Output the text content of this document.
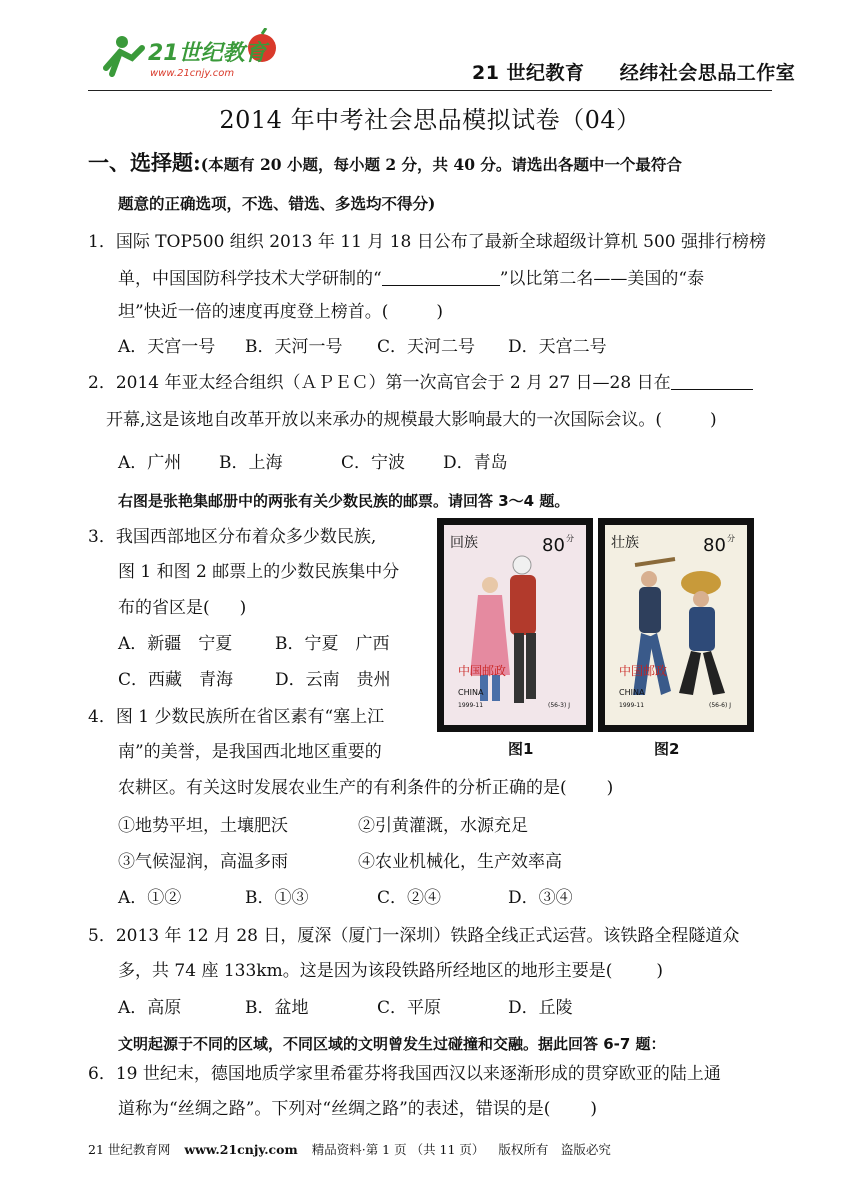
21世纪教育
www.21cnjy.com	21 世纪教育 经纬社会思品工作室
2014 年中考社会思品模拟试卷（04）
一、选择题:(本题有 20 小题，每小题 2 分，共 40 分。请选出各题中一个最符合
题意的正确选项，不选、错选、多选均不得分)
1．国际 TOP500 组织 2013 年 11 月 18 日公布了最新全球超级计算机 500 强排行榜榜
单，中国国防科学技术大学研制的“	”以比第二名——美国的“泰
坦”快近一倍的速度再度登上榜首。(	)
A．天宫一号 B．天河一号 C．天河二号 D．天宫二号
2．2014 年亚太经合组织（ＡＰＥＣ）第一次高官会于 2 月 27 日—28 日在
开幕,这是该地自改革开放以来承办的规模最大影响最大的一次国际会议。(	)
A．广州 B．上海	C．宁波 D．青岛
右图是张艳集邮册中的两张有关少数民族的邮票。请回答 3～4 题。
3．我国西部地区分布着众多少数民族,
图 1 和图 2 邮票上的少数民族集中分
布的省区是( )
A．新疆　宁夏	B．宁夏　广西
C．西藏　青海 D．云南　贵州
回族	80 分
中国邮政
CHINA
1999-11	(56-3) J
壮族	80 分
中国邮政
CHINA
1999-11	(56-6) J
图1	图2
4．图 1 少数民族所在省区素有“塞上江
南”的美誉，是我国西北地区重要的
农耕区。有关这时发展农业生产的有利条件的分析正确的是( )
①地势平坦，土壤肥沃	②引黄灌溉，水源充足
③气候湿润，高温多雨	④农业机械化，生产效率高
A．①②	B．①③	C．②④	D．③④
5．2013 年 12 月 28 日，厦深（厦门一深圳）铁路全线正式运营。该铁路全程隧道众
多，共 74 座 133km。这是因为该段铁路所经地区的地形主要是(	)
A．高原	B．盆地	C．平原	D．丘陵
文明起源于不同的区域，不同区域的文明曾发生过碰撞和交融。据此回答 6-7 题：
6．19 世纪末，德国地质学家里希霍芬将我国西汉以来逐渐形成的贯穿欧亚的陆上通
道称为“丝绸之路”。下列对“丝绸之路”的表述，错误的是( )
21 世纪教育网 www.21cnjy.com 精品资料·第 1 页 （共 11 页） 版权所有　盗版必究
